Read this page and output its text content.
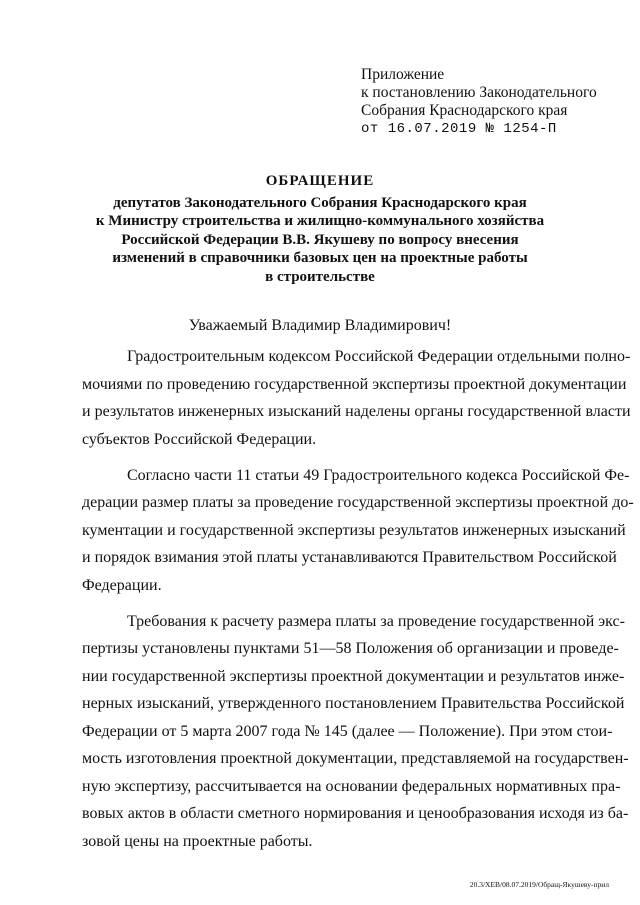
Приложение
к постановлению Законодательного
Собрания Краснодарского края
от 16.07.2019 № 1254-П
ОБРАЩЕНИЕ
депутатов Законодательного Собрания Краснодарского края
к Министру строительства и жилищно-коммунального хозяйства
Российской Федерации В.В. Якушеву по вопросу внесения
изменений в справочники базовых цен на проектные работы
в строительстве
Уважаемый Владимир Владимирович!
Градостроительным кодексом Российской Федерации отдельными полно-
мочиями по проведению государственной экспертизы проектной документации
и результатов инженерных изысканий наделены органы государственной власти
субъектов Российской Федерации.
Согласно части 11 статьи 49 Градостроительного кодекса Российской Фе-
дерации размер платы за проведение государственной экспертизы проектной до-
кументации и государственной экспертизы результатов инженерных изысканий
и порядок взимания этой платы устанавливаются Правительством Российской
Федерации.
Требования к расчету размера платы за проведение государственной экс-
пертизы установлены пунктами 51—58 Положения об организации и проведе-
нии государственной экспертизы проектной документации и результатов инже-
нерных изысканий, утвержденного постановлением Правительства Российской
Федерации от 5 марта 2007 года № 145 (далее — Положение). При этом стои-
мость изготовления проектной документации, представляемой на государствен-
ную экспертизу, рассчитывается на основании федеральных нормативных пра-
вовых актов в области сметного нормирования и ценообразования исходя из ба-
зовой цены на проектные работы.
20.3/ХЕВ/08.07.2019/Обращ-Якушеву-прил
